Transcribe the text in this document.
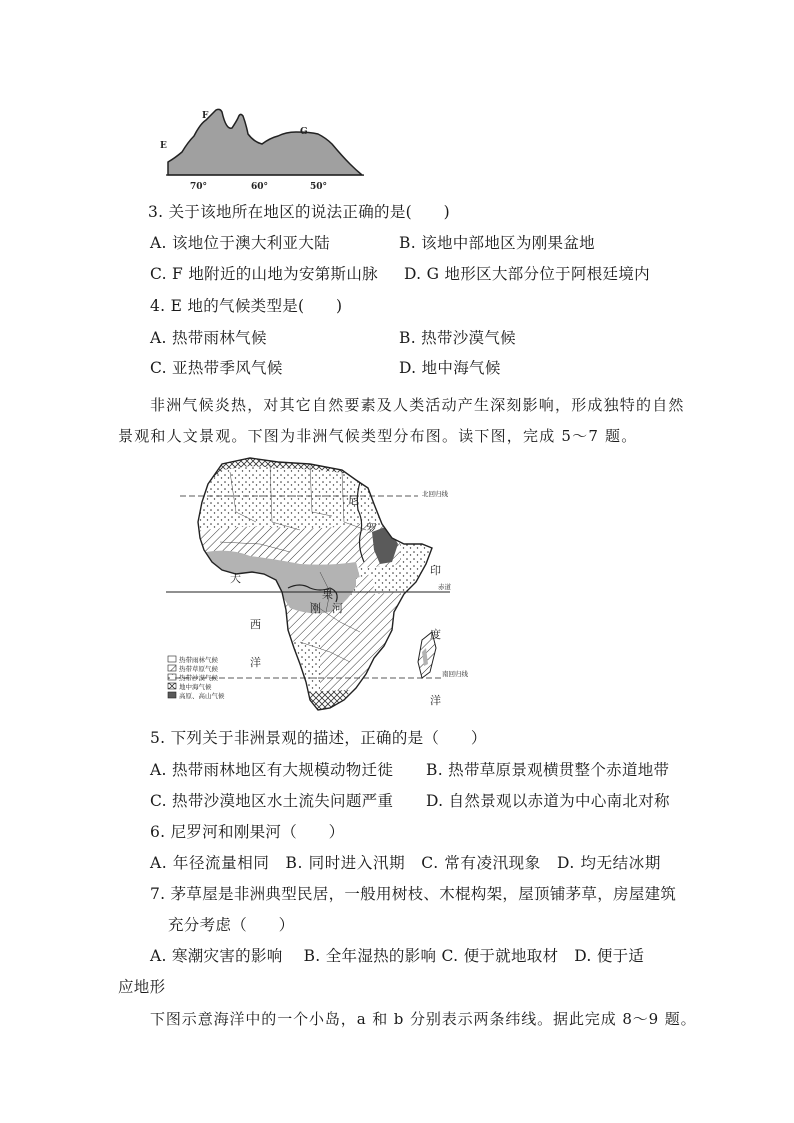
E
F
G
70°	60°	50°
3. 关于该地所在地区的说法正确的是(　　)
A. 该地位于澳大利亚大陆	B. 该地中部地区为刚果盆地
C. F 地附近的山地为安第斯山脉 D. G 地形区大部分位于阿根廷境内
4. E 地的气候类型是(　　)
A. 热带雨林气候	B. 热带沙漠气候
C. 亚热带季风气候	D. 地中海气候
非洲气候炎热，对其它自然要素及人类活动产生深刻影响，形成独特的自然
景观和人文景观。下图为非洲气候类型分布图。读下图，完成 5～7 题。
北回归线
赤道
南回归线
尼
罗
大
西
洋
印
度
洋
果
刚 河
热带雨林气候
热带草原气候
热带沙漠气候
地中海气候
高原、高山气候
5. 下列关于非洲景观的描述，正确的是（　　）
A. 热带雨林地区有大规模动物迁徙 B. 热带草原景观横贯整个赤道地带
C. 热带沙漠地区水土流失问题严重 D. 自然景观以赤道为中心南北对称
6. 尼罗河和刚果河（　　）
A. 年径流量相同　B. 同时进入汛期　C. 常有凌汛现象　D. 均无结冰期
7. 茅草屋是非洲典型民居，一般用树枝、木棍构架，屋顶铺茅草，房屋建筑
充分考虑（　　）
A. 寒潮灾害的影响　 B. 全年湿热的影响 C. 便于就地取材　D. 便于适
应地形
下图示意海洋中的一个小岛，a 和 b 分别表示两条纬线。据此完成 8～9 题。
